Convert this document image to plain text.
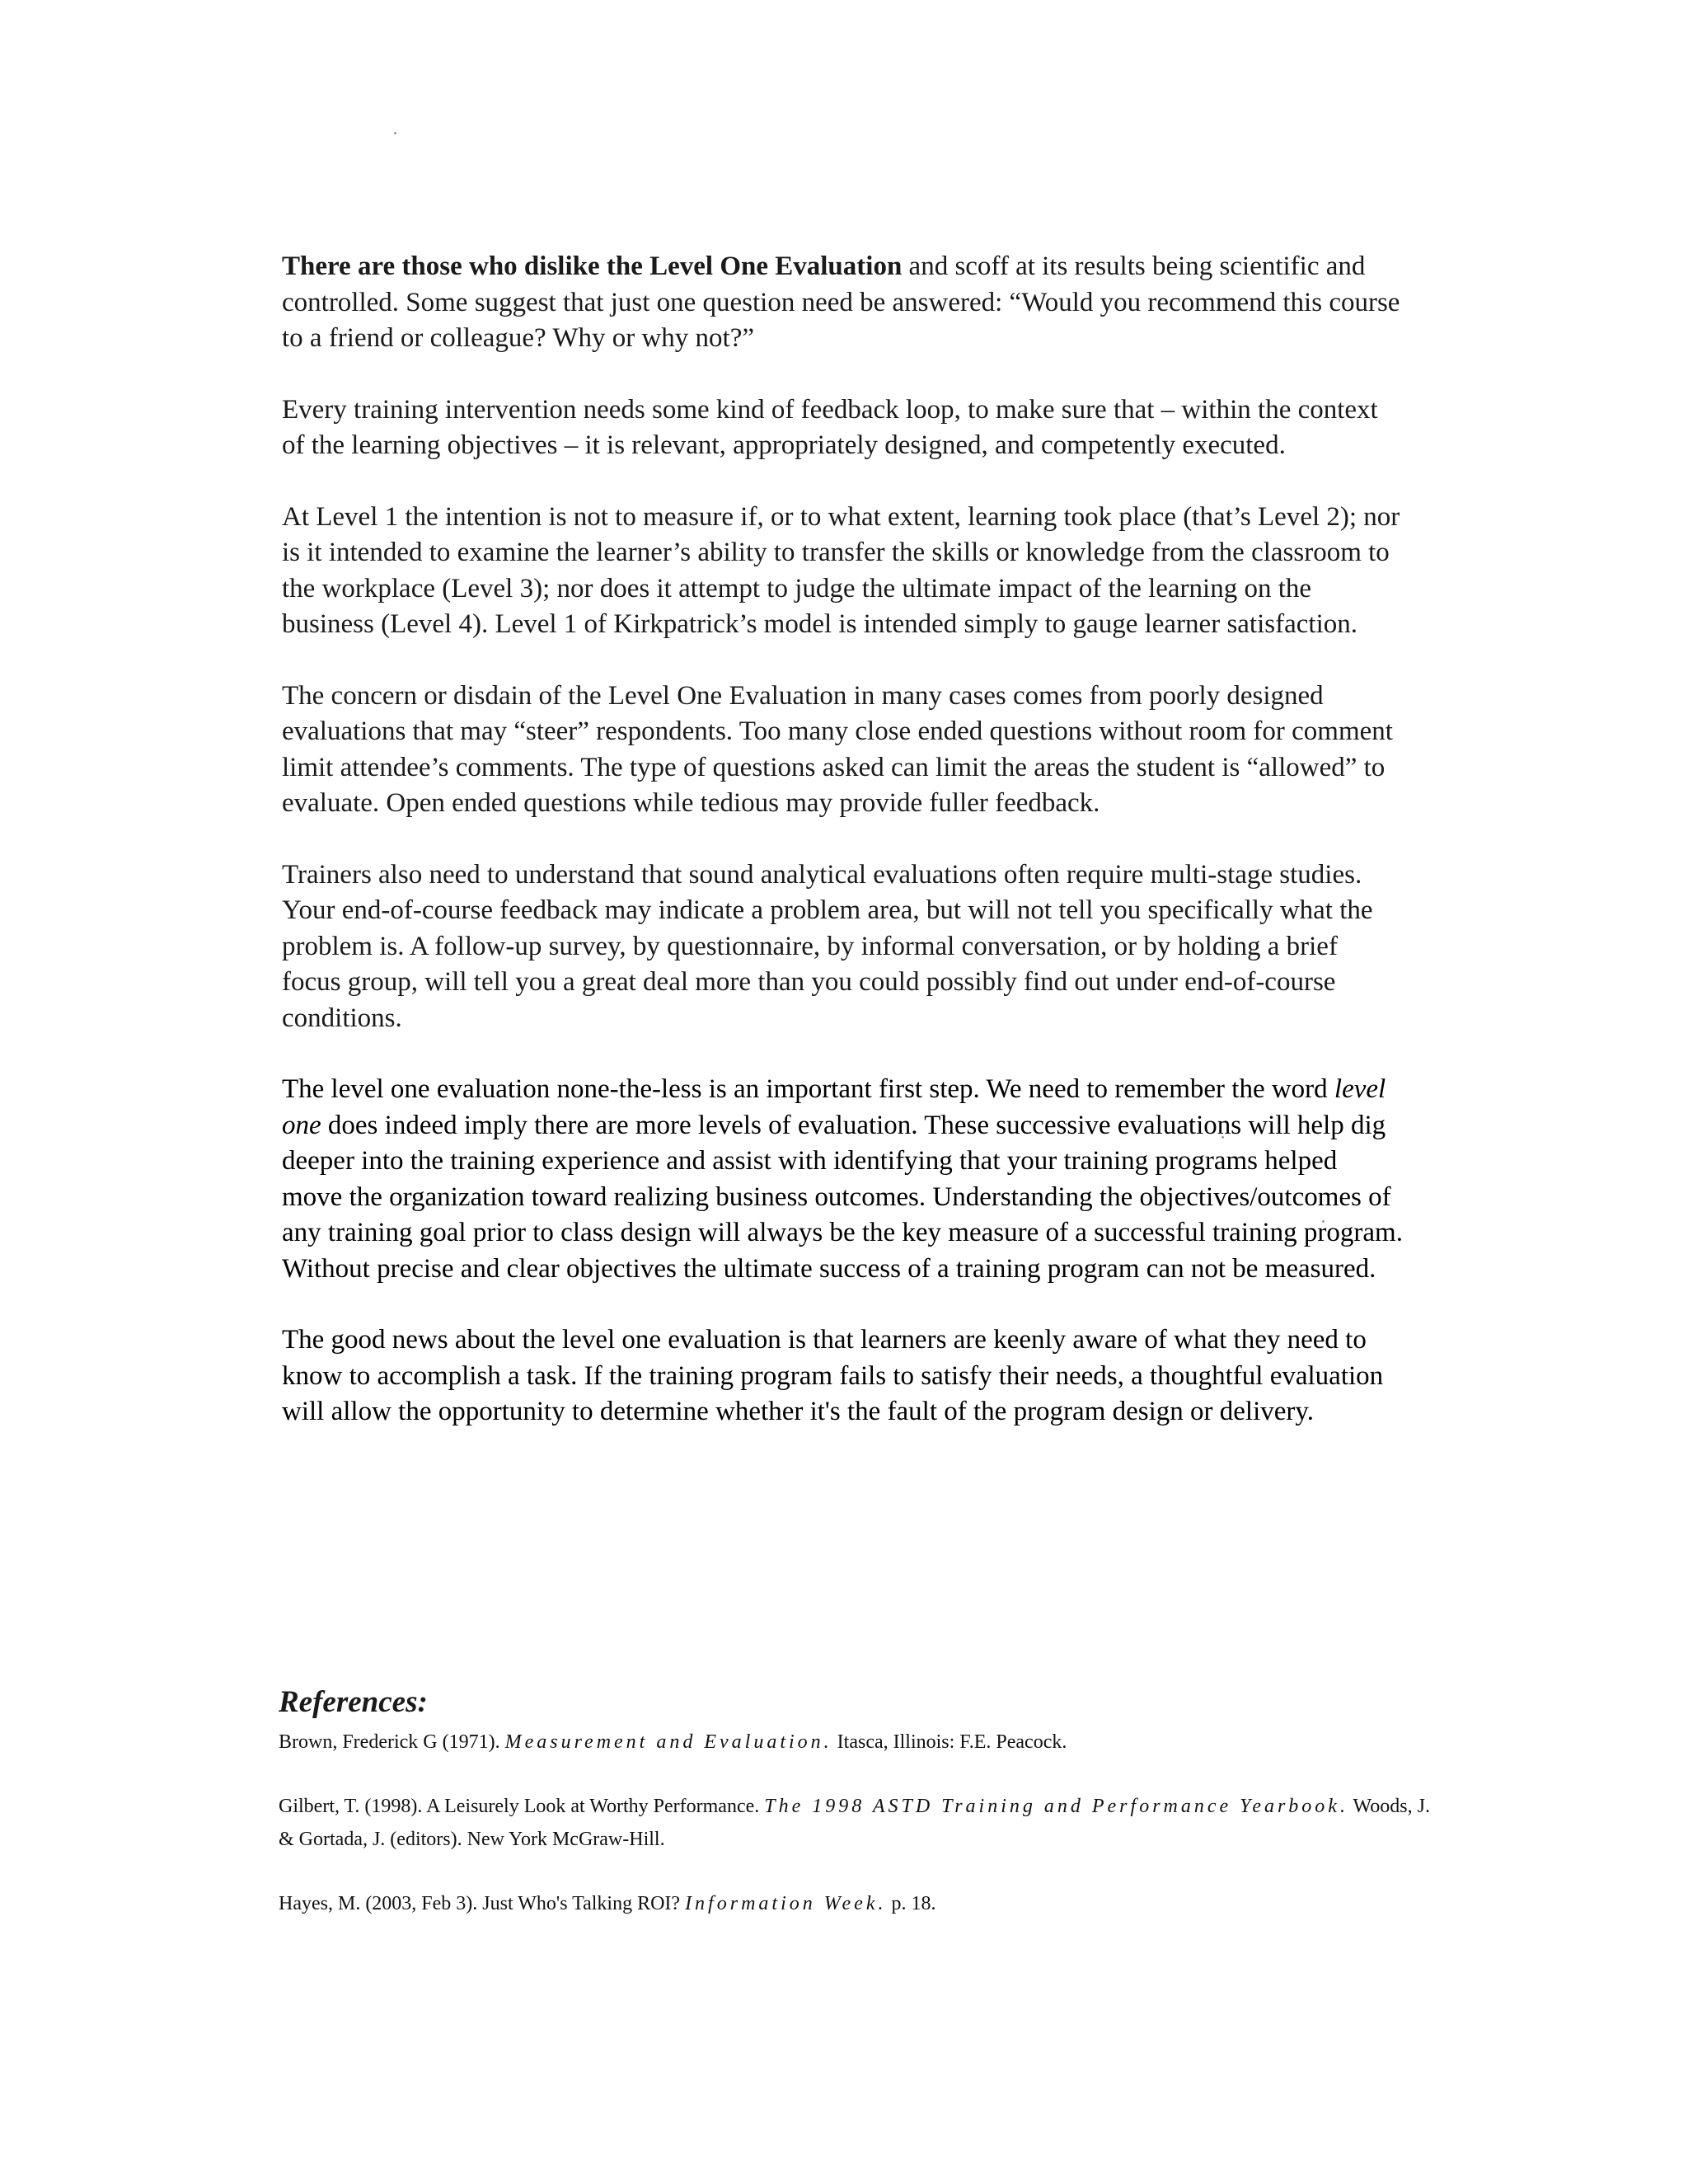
There are those who dislike the Level One Evaluation and scoff at its results being scientific and controlled. Some suggest that just one question need be answered: “Would you recommend this course to a friend or colleague? Why or why not?”

Every training intervention needs some kind of feedback loop, to make sure that – within the context of the learning objectives – it is relevant, appropriately designed, and competently executed.

At Level 1 the intention is not to measure if, or to what extent, learning took place (that’s Level 2); nor is it intended to examine the learner’s ability to transfer the skills or knowledge from the classroom to the workplace (Level 3); nor does it attempt to judge the ultimate impact of the learning on the business (Level 4). Level 1 of Kirkpatrick’s model is intended simply to gauge learner satisfaction.

The concern or disdain of the Level One Evaluation in many cases comes from poorly designed evaluations that may “steer” respondents. Too many close ended questions without room for comment limit attendee’s comments. The type of questions asked can limit the areas the student is “allowed” to evaluate. Open ended questions while tedious may provide fuller feedback.

Trainers also need to understand that sound analytical evaluations often require multi-stage studies. Your end-of-course feedback may indicate a problem area, but will not tell you specifically what the problem is. A follow-up survey, by questionnaire, by informal conversation, or by holding a brief focus group, will tell you a great deal more than you could possibly find out under end-of-course conditions.

The level one evaluation none-the-less is an important first step. We need to remember the word level one does indeed imply there are more levels of evaluation. These successive evaluations will help dig deeper into the training experience and assist with identifying that your training programs helped move the organization toward realizing business outcomes. Understanding the objectives/outcomes of any training goal prior to class design will always be the key measure of a successful training program. Without precise and clear objectives the ultimate success of a training program can not be measured.

The good news about the level one evaluation is that learners are keenly aware of what they need to know to accomplish a task. If the training program fails to satisfy their needs, a thoughtful evaluation will allow the opportunity to determine whether it's the fault of the program design or delivery.

References:

Brown, Frederick G (1971). Measurement and Evaluation. Itasca, Illinois: F.E. Peacock.

Gilbert, T. (1998). A Leisurely Look at Worthy Performance. The 1998 ASTD Training and Performance Yearbook. Woods, J. & Gortada, J. (editors). New York McGraw-Hill.

Hayes, M. (2003, Feb 3). Just Who's Talking ROI? Information Week. p. 18.
